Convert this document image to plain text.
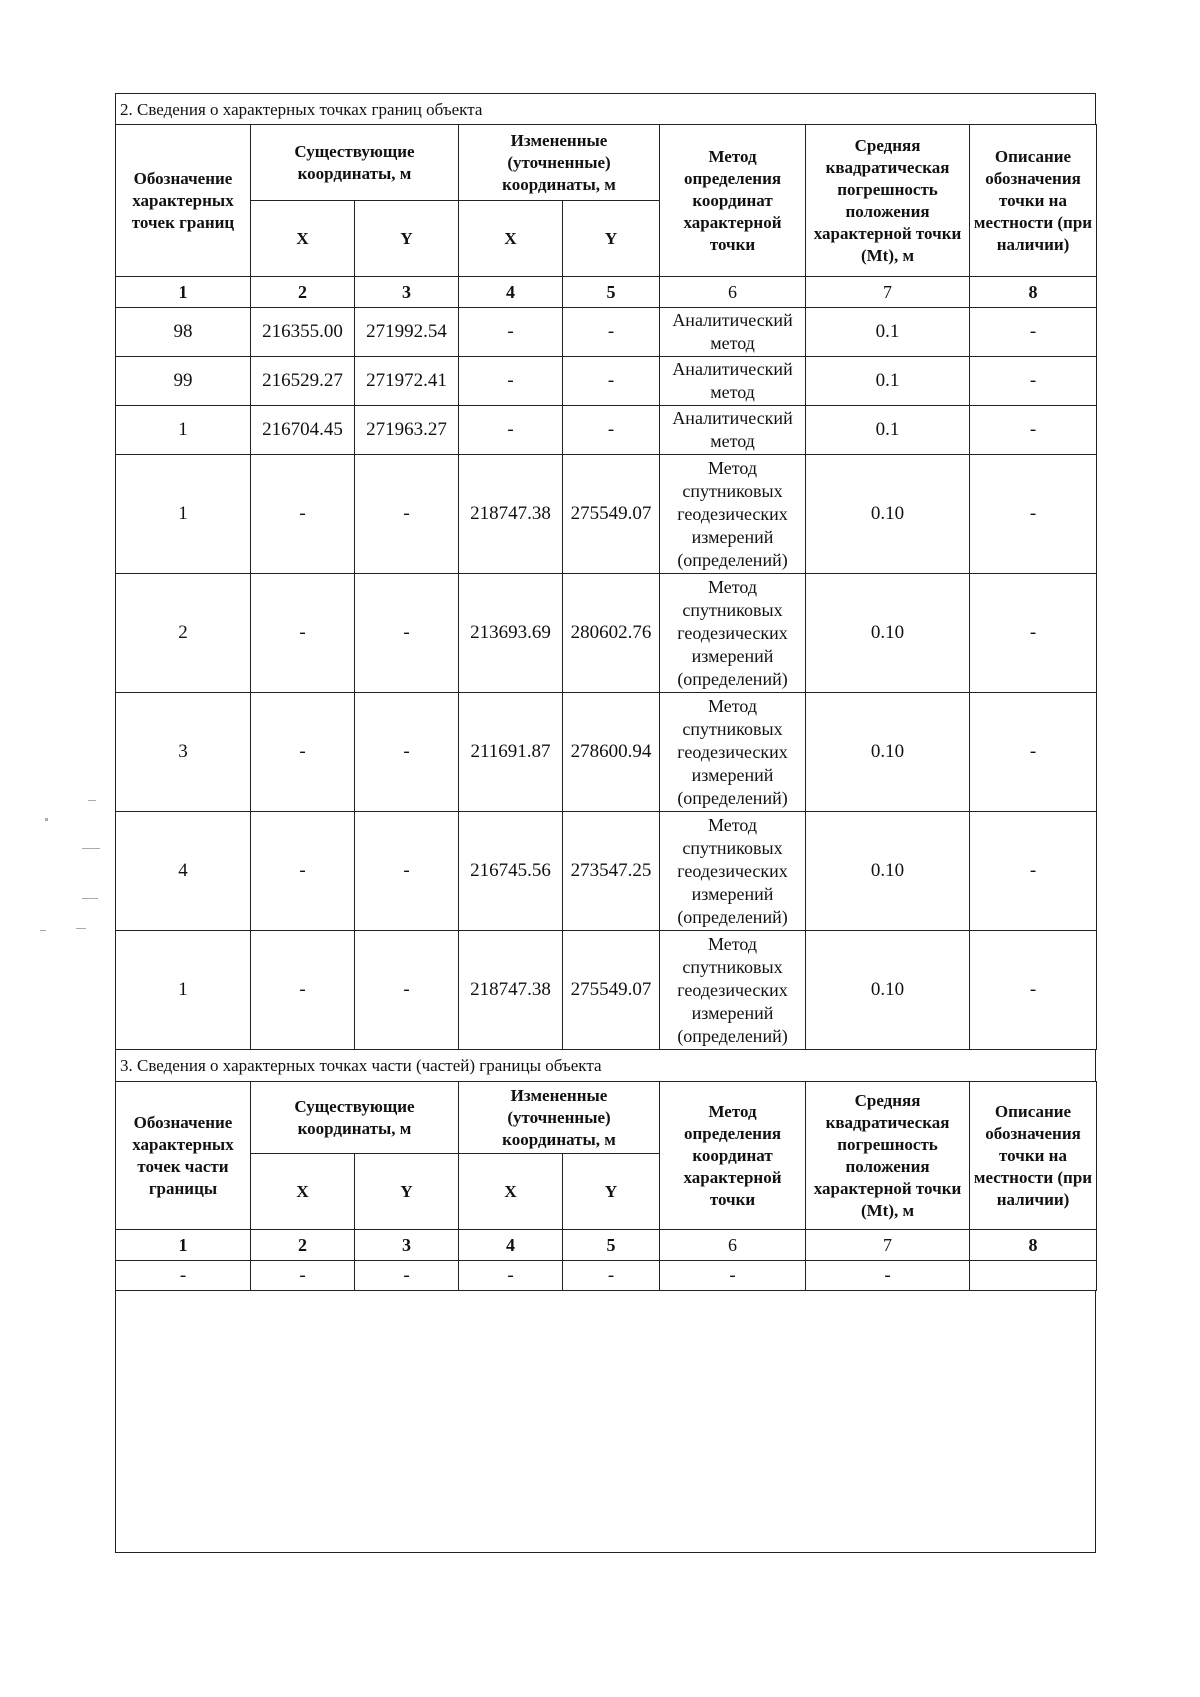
2. Сведения о характерных точках границ объекта
Обозначение характерных точек границ	Существующие координаты, м		Измененные (уточненные) координаты, м		Метод определения координат характерной точки	Средняя квадратическая погрешность положения характерной точки (Mt), м	Описание обозначения точки на местности (при наличии)
	X	Y	X	Y			
1	2	3	4	5	6	7	8
98	216355.00	271992.54	-	-	Аналитический метод	0.1	-
99	216529.27	271972.41	-	-	Аналитический метод	0.1	-
1	216704.45	271963.27	-	-	Аналитический метод	0.1	-
1	-	-	218747.38	275549.07	Метод спутниковых геодезических измерений (определений)	0.10	-
2	-	-	213693.69	280602.76	Метод спутниковых геодезических измерений (определений)	0.10	-
3	-	-	211691.87	278600.94	Метод спутниковых геодезических измерений (определений)	0.10	-
4	-	-	216745.56	273547.25	Метод спутниковых геодезических измерений (определений)	0.10	-
1	-	-	218747.38	275549.07	Метод спутниковых геодезических измерений (определений)	0.10	-
3. Сведения о характерных точках части (частей) границы объекта
Обозначение характерных точек части границы	Существующие координаты, м		Измененные (уточненные) координаты, м		Метод определения координат характерной точки	Средняя квадратическая погрешность положения характерной точки (Mt), м	Описание обозначения точки на местности (при наличии)
	X	Y	X	Y			
1	2	3	4	5	6	7	8
-	-	-	-	-	-	-	
